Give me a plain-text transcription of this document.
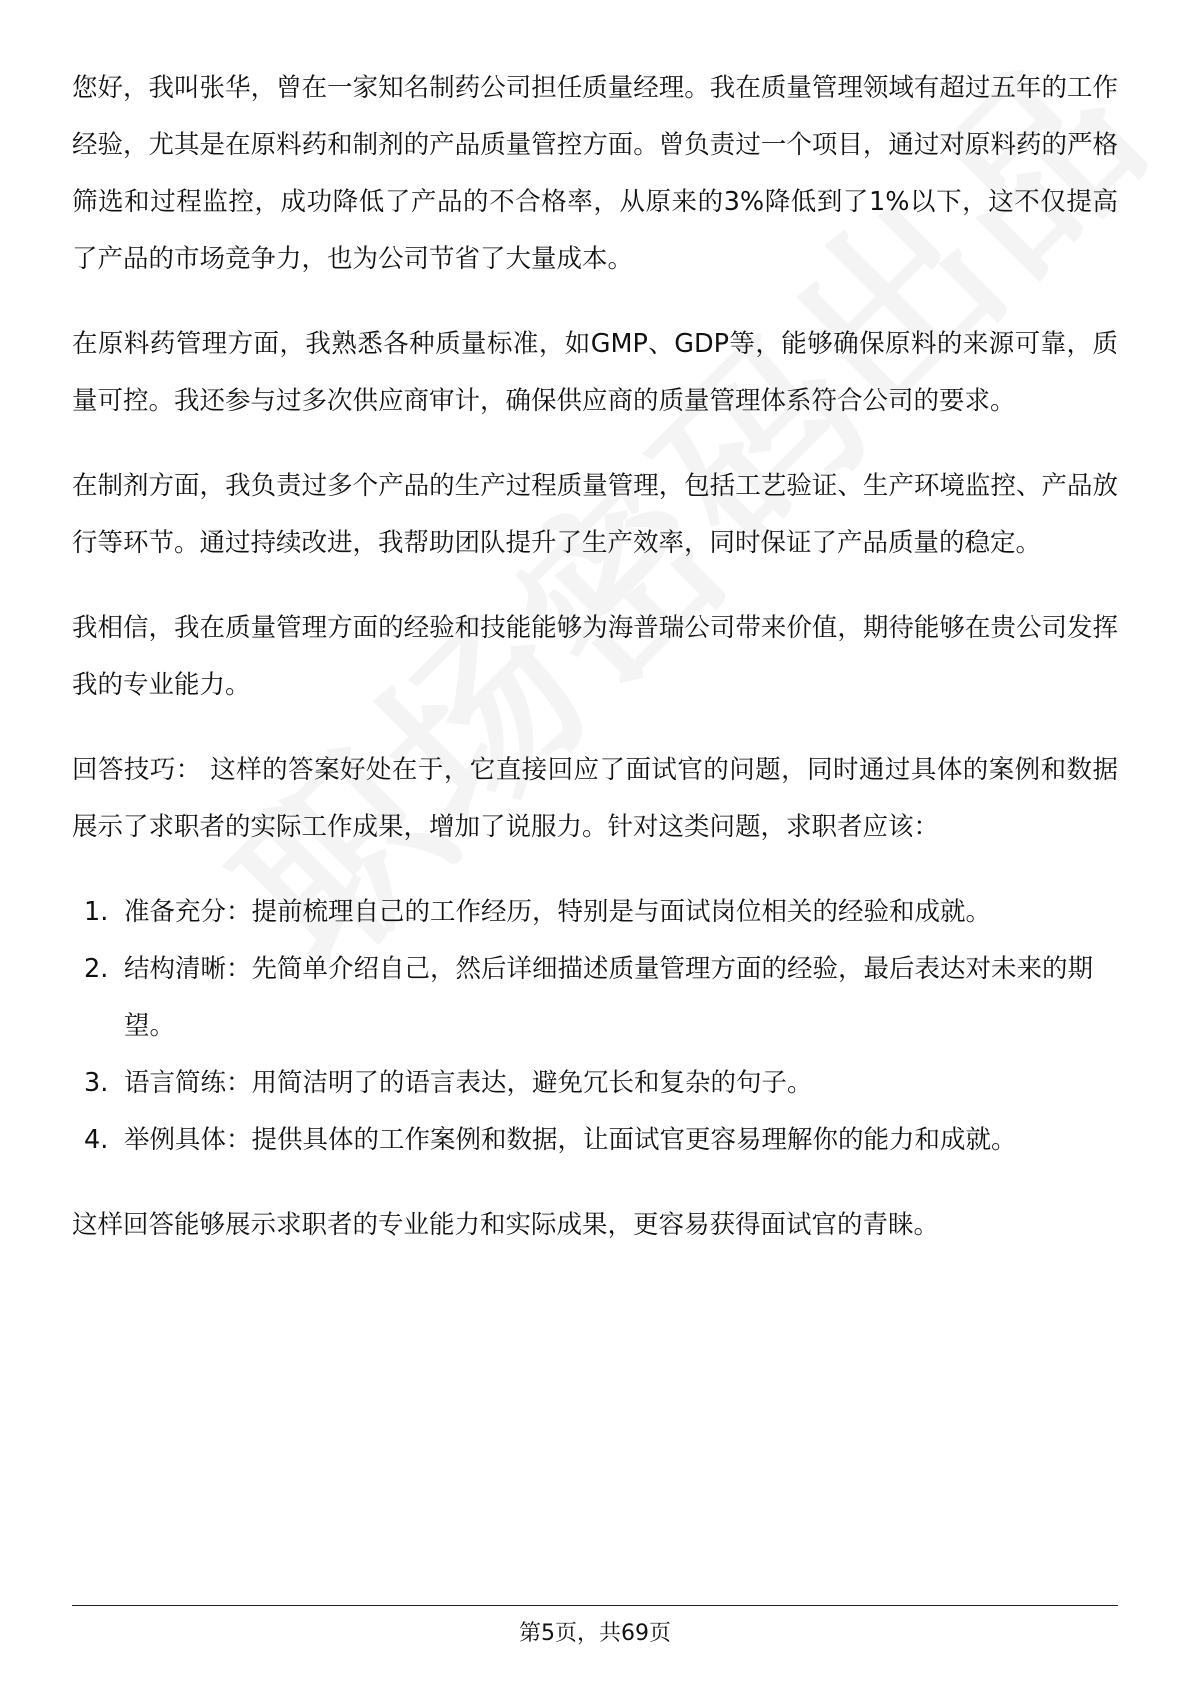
您好，我叫张华，曾在一家知名制药公司担任质量经理。我在质量管理领域有超过五年的工作经验，尤其是在原料药和制剂的产品质量管控方面。曾负责过一个项目，通过对原料药的严格筛选和过程监控，成功降低了产品的不合格率，从原来的3%降低到了1%以下，这不仅提高了产品的市场竞争力，也为公司节省了大量成本。

在原料药管理方面，我熟悉各种质量标准，如GMP、GDP等，能够确保原料的来源可靠，质量可控。我还参与过多次供应商审计，确保供应商的质量管理体系符合公司的要求。

在制剂方面，我负责过多个产品的生产过程质量管理，包括工艺验证、生产环境监控、产品放行等环节。通过持续改进，我帮助团队提升了生产效率，同时保证了产品质量的稳定。

我相信，我在质量管理方面的经验和技能能够为海普瑞公司带来价值，期待能够在贵公司发挥我的专业能力。

回答技巧： 这样的答案好处在于，它直接回应了面试官的问题，同时通过具体的案例和数据展示了求职者的实际工作成果，增加了说服力。针对这类问题，求职者应该：

1. 准备充分：提前梳理自己的工作经历，特别是与面试岗位相关的经验和成就。
2. 结构清晰：先简单介绍自己，然后详细描述质量管理方面的经验，最后表达对未来的期望。
3. 语言简练：用简洁明了的语言表达，避免冗长和复杂的句子。
4. 举例具体：提供具体的工作案例和数据，让面试官更容易理解你的能力和成就。

这样回答能够展示求职者的专业能力和实际成果，更容易获得面试官的青睐。

第5页，共69页
